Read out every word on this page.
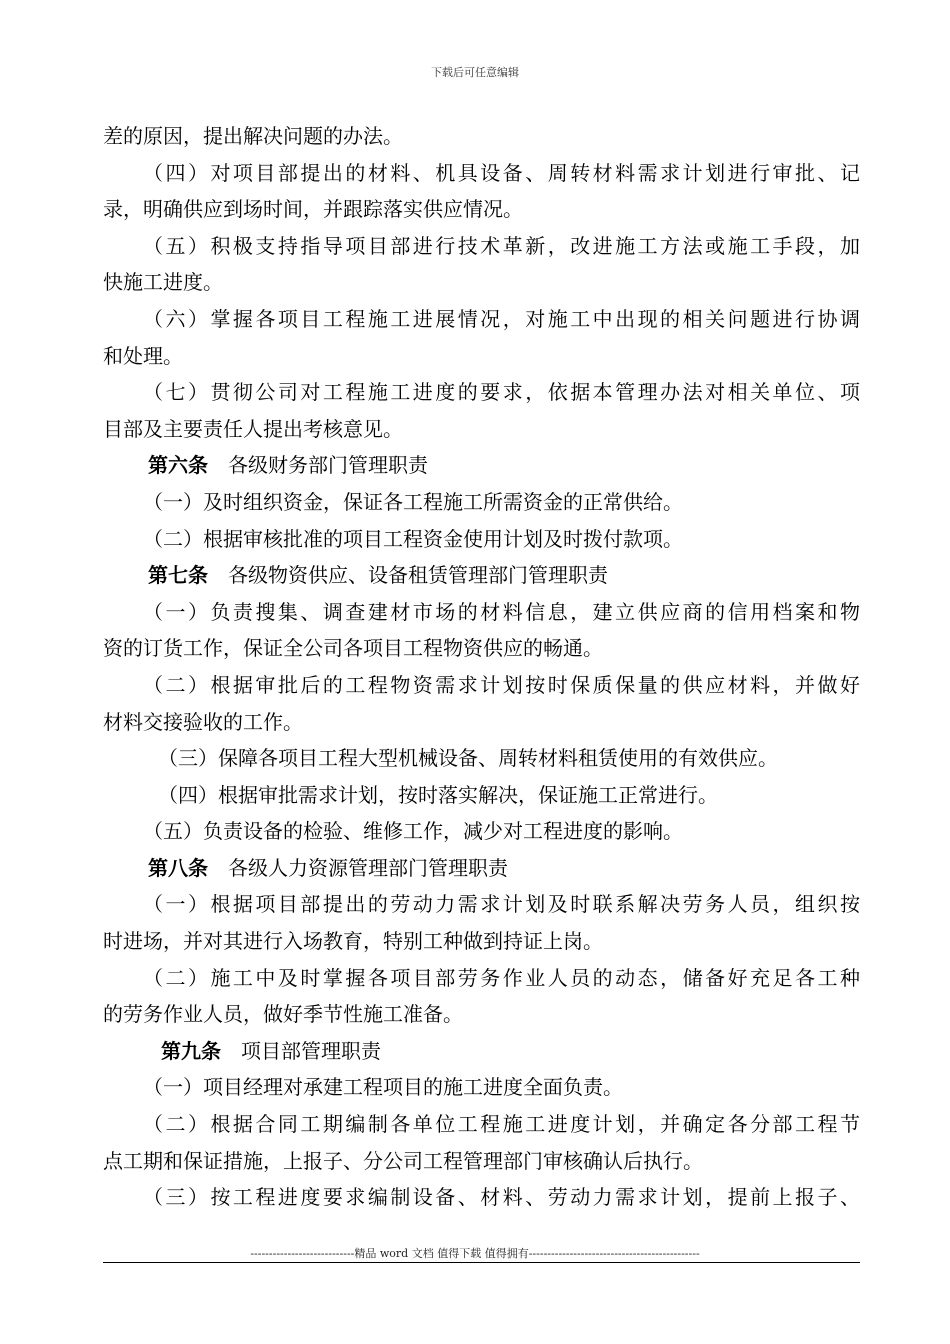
下载后可任意编辑
差的原因，提出解决问题的办法。
（四）对项目部提出的材料、机具设备、周转材料需求计划进行审批、记
录，明确供应到场时间，并跟踪落实供应情况。
（五）积极支持指导项目部进行技术革新，改进施工方法或施工手段，加
快施工进度。
（六）掌握各项目工程施工进展情况，对施工中出现的相关问题进行协调
和处理。
（七）贯彻公司对工程施工进度的要求，依据本管理办法对相关单位、项
目部及主要责任人提出考核意见。
第六条　 各级财务部门管理职责
（一）及时组织资金，保证各工程施工所需资金的正常供给。
（二）根据审核批准的项目工程资金使用计划及时拨付款项。
第七条　 各级物资供应、设备租赁管理部门管理职责
（一）负责搜集、调查建材市场的材料信息，建立供应商的信用档案和物
资的订货工作，保证全公司各项目工程物资供应的畅通。
（二）根据审批后的工程物资需求计划按时保质保量的供应材料，并做好
材料交接验收的工作。
（三）保障各项目工程大型机械设备、周转材料租赁使用的有效供应。
（四）根据审批需求计划，按时落实解决，保证施工正常进行。
（五）负责设备的检验、维修工作，减少对工程进度的影响。
第八条　 各级人力资源管理部门管理职责
（一）根据项目部提出的劳动力需求计划及时联系解决劳务人员，组织按
时进场，并对其进行入场教育，特别工种做到持证上岗。
（二）施工中及时掌握各项目部劳务作业人员的动态，储备好充足各工种
的劳务作业人员，做好季节性施工准备。
第九条　 项目部管理职责
（一）项目经理对承建工程项目的施工进度全面负责。
（二）根据合同工期编制各单位工程施工进度计划，并确定各分部工程节
点工期和保证措施，上报子、分公司工程管理部门审核确认后执行。
（三）按工程进度要求编制设备、材料、劳动力需求计划，提前上报子、
----------------------------精品 word 文档 值得下载 值得拥有----------------------------------------------
